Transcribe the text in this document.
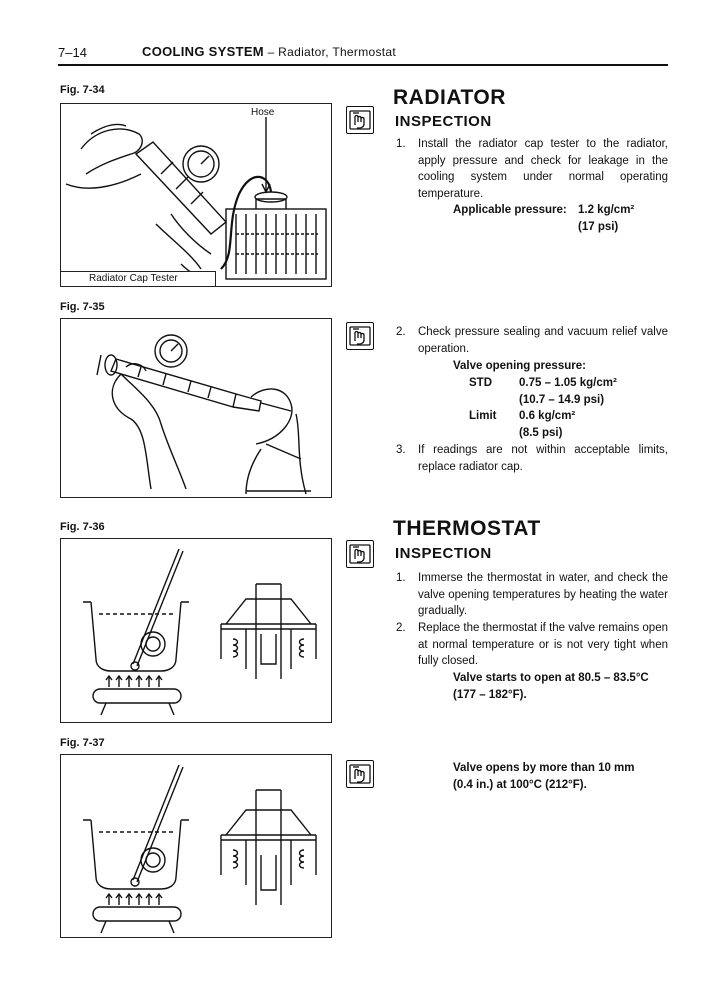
7–14	COOLING SYSTEM – Radiator, Thermostat
Fig. 7-34
Hose
Radiator Cap Tester
Fig. 7-35
Fig. 7-36
Fig. 7-37
RADIATOR
INSPECTION
1. Install the radiator cap tester to the radiator, apply pressure and check for leakage in the cooling system under normal operating temperature.
Applicable pressure: 1.2 kg/cm²
(17 psi)
2. Check pressure sealing and vacuum relief valve operation.
Valve opening pressure:
STD 0.75 – 1.05 kg/cm²
(10.7 – 14.9 psi)
Limit 0.6 kg/cm²
(8.5 psi)
3. If readings are not within acceptable limits, replace radiator cap.
THERMOSTAT
INSPECTION
1. Immerse the thermostat in water, and check the valve opening temperatures by heating the water gradually.
2. Replace the thermostat if the valve remains open at normal temperature or is not very tight when fully closed.
Valve starts to open at 80.5 – 83.5°C
(177 – 182°F).
Valve opens by more than 10 mm
(0.4 in.) at 100°C (212°F).
